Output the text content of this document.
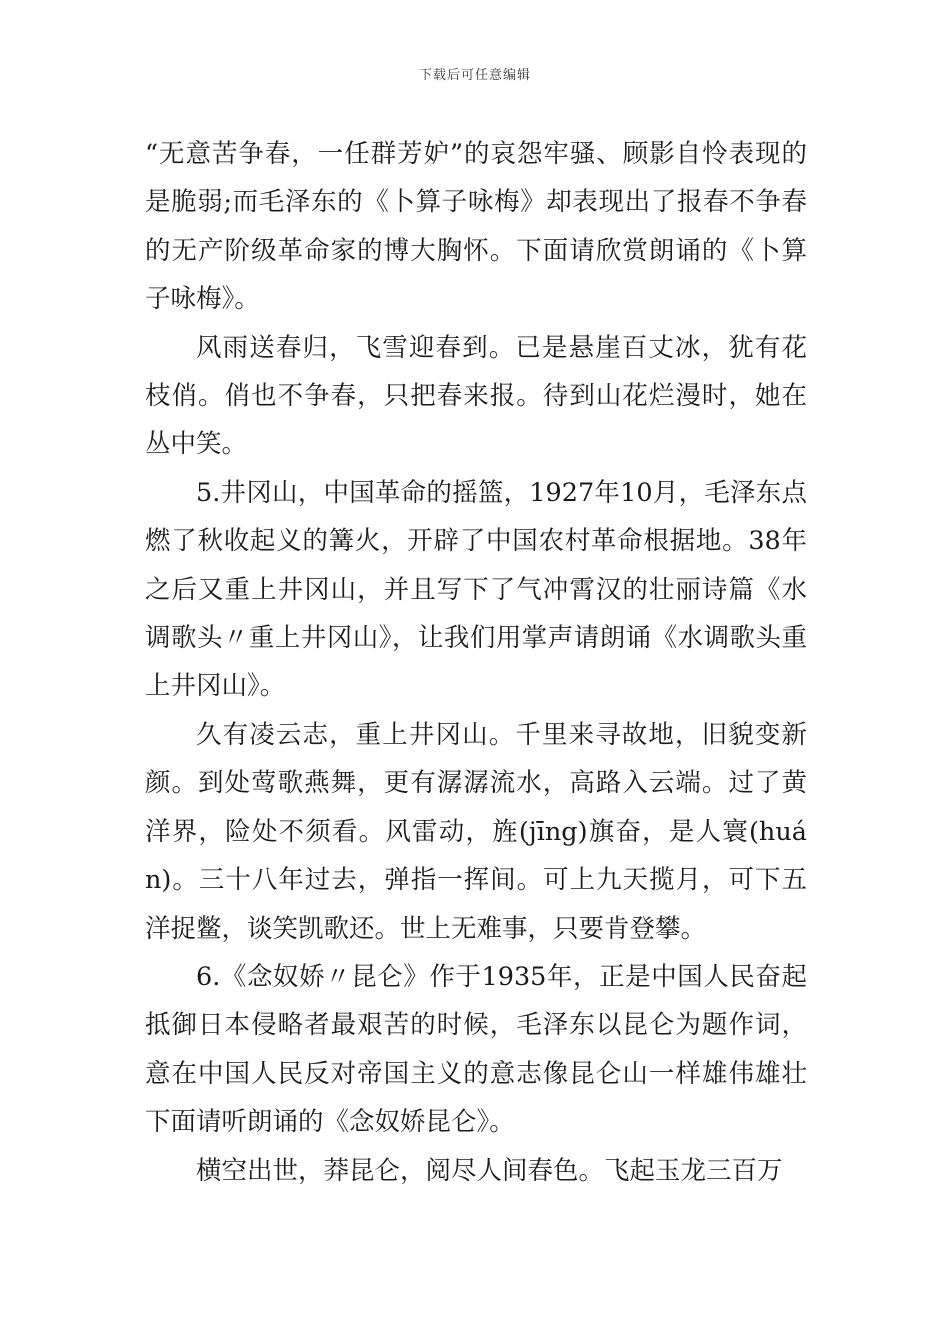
下载后可任意编辑

“无意苦争春，一任群芳妒”的哀怨牢骚、顾影自怜表现的是脆弱;而毛泽东的《卜算子咏梅》却表现出了报春不争春的无产阶级革命家的博大胸怀。下面请欣赏朗诵的《卜算子咏梅》。

风雨送春归，飞雪迎春到。已是悬崖百丈冰，犹有花枝俏。俏也不争春，只把春来报。待到山花烂漫时，她在丛中笑。

5.井冈山，中国革命的摇篮，1927年10月，毛泽东点燃了秋收起义的篝火，开辟了中国农村革命根据地。38年之后又重上井冈山，并且写下了气冲霄汉的壮丽诗篇《水调歌头〃重上井冈山》，让我们用掌声请朗诵《水调歌头重上井冈山》。

久有凌云志，重上井冈山。千里来寻故地，旧貌变新颜。到处莺歌燕舞，更有潺潺流水，高路入云端。过了黄洋界，险处不须看。风雷动，旌(jīng)旗奋，是人寰(huán)。三十八年过去，弹指一挥间。可上九天揽月，可下五洋捉鳖，谈笑凯歌还。世上无难事，只要肯登攀。

6.《念奴娇〃昆仑》作于1935年，正是中国人民奋起抵御日本侵略者最艰苦的时候，毛泽东以昆仑为题作词，意在中国人民反对帝国主义的意志像昆仑山一样雄伟雄壮下面请听朗诵的《念奴娇昆仑》。

横空出世，莽昆仑，阅尽人间春色。飞起玉龙三百万
